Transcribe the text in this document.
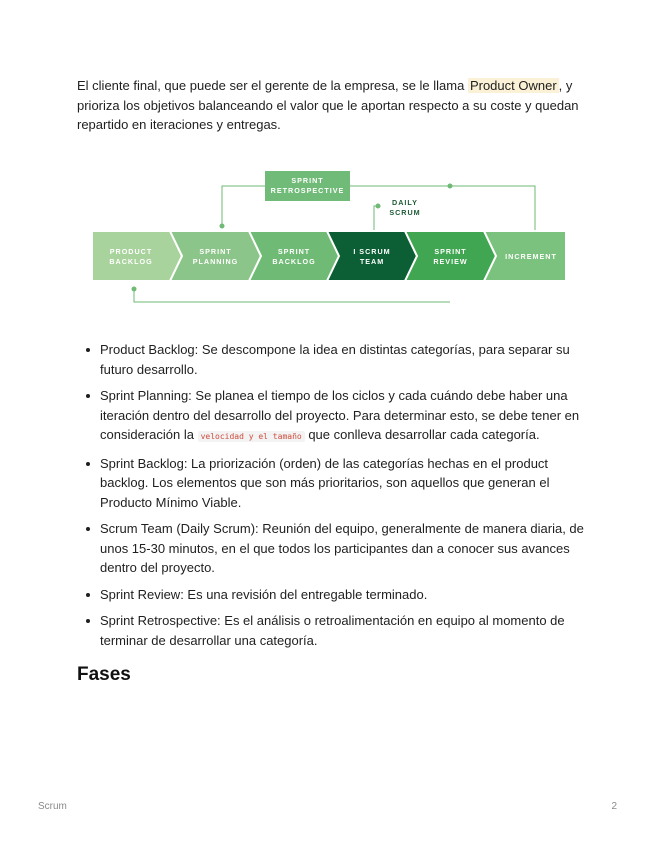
El cliente final, que puede ser el gerente de la empresa, se le llama Product Owner , y prioriza los objetivos balanceando el valor que le aportan respecto a su coste y quedan repartido en iteraciones y entregas.

SPRINT
RETROSPECTIVE
DAILY
SCRUM
PRODUCT
BACKLOG
SPRINT
PLANNING
SPRINT
BACKLOG
I SCRUM
TEAM
SPRINT
REVIEW
INCREMENT
Product Backlog: Se descompone la idea en distintas categorías, para separar su futuro desarrollo.
Sprint Planning: Se planea el tiempo de los ciclos y cada cuándo debe haber una iteración dentro del desarrollo del proyecto. Para determinar esto, se debe tener en consideración la velocidad y el tamaño que conlleva desarrollar cada categoría.
Sprint Backlog: La priorización (orden) de las categorías hechas en el product backlog. Los elementos que son más prioritarios, son aquellos que generan el Producto Mínimo Viable.
Scrum Team (Daily Scrum): Reunión del equipo, generalmente de manera diaria, de unos 15-30 minutos, en el que todos los participantes dan a conocer sus avances dentro del proyecto.
Sprint Review: Es una revisión del entregable terminado.
Sprint Retrospective: Es el análisis o retroalimentación en equipo al momento de terminar de desarrollar una categoría.
Fases
Scrum	2
